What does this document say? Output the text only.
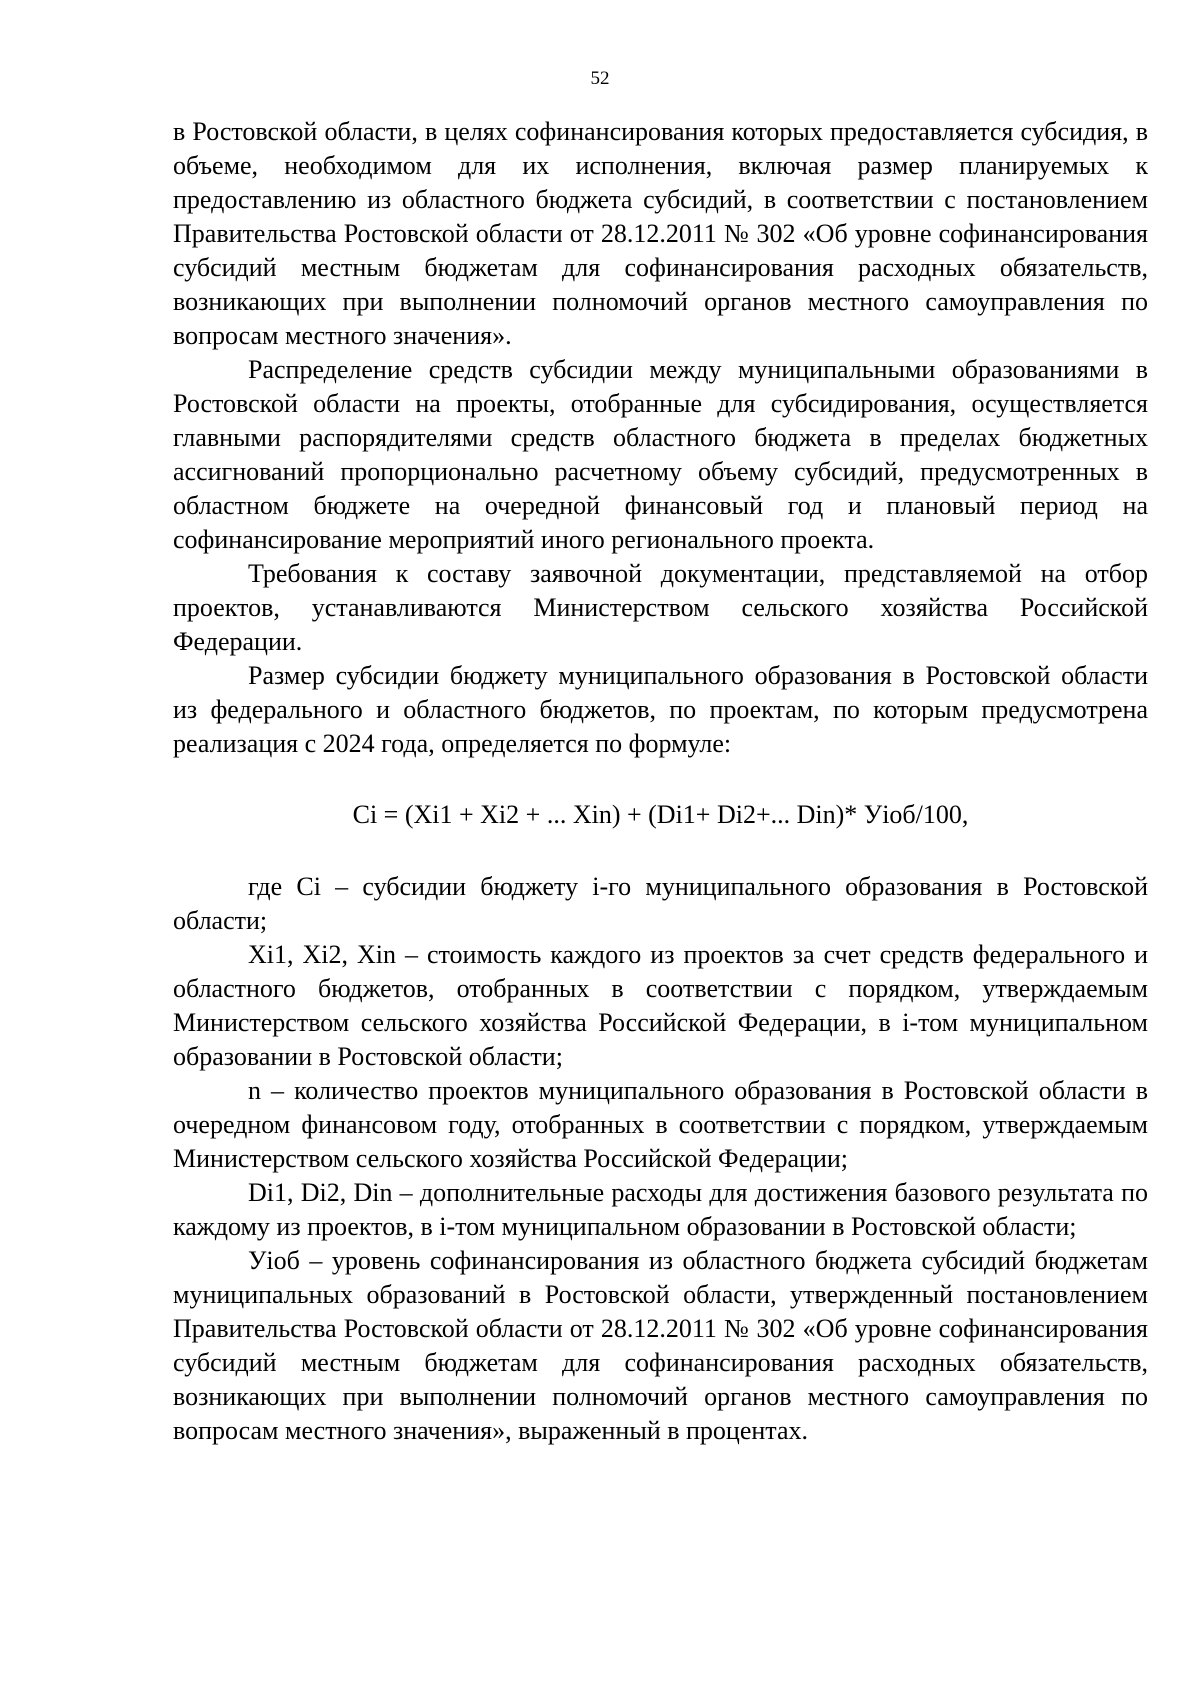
52

в Ростовской области, в целях софинансирования которых предоставляется субсидия, в объеме, необходимом для их исполнения, включая размер планируемых к предоставлению из областного бюджета субсидий, в соответствии с постановлением Правительства Ростовской области от 28.12.2011 № 302 «Об уровне софинансирования субсидий местным бюджетам для софинансирования расходных обязательств, возникающих при выполнении полномочий органов местного самоуправления по вопросам местного значения».

Распределение средств субсидии между муниципальными образованиями в Ростовской области на проекты, отобранные для субсидирования, осуществляется главными распорядителями средств областного бюджета в пределах бюджетных ассигнований пропорционально расчетному объему субсидий, предусмотренных в областном бюджете на очередной финансовый год и плановый период на софинансирование мероприятий иного регионального проекта.

Требования к составу заявочной документации, представляемой на отбор проектов, устанавливаются Министерством сельского хозяйства Российской Федерации.

Размер субсидии бюджету муниципального образования в Ростовской области из федерального и областного бюджетов, по проектам, по которым предусмотрена реализация с 2024 года, определяется по формуле:

Ci = (Xi1 + Xi2 + ... Xin) + (Di1+ Di2+... Din)* Уioб/100,

где Ci – субсидии бюджету i-го муниципального образования в Ростовской области;

Xi1, Xi2, Xin – стоимость каждого из проектов за счет средств федерального и областного бюджетов, отобранных в соответствии с порядком, утверждаемым Министерством сельского хозяйства Российской Федерации, в i-том муниципальном образовании в Ростовской области;

n – количество проектов муниципального образования в Ростовской области в очередном финансовом году, отобранных в соответствии с порядком, утверждаемым Министерством сельского хозяйства Российской Федерации;

Di1, Di2, Din – дополнительные расходы для достижения базового результата по каждому из проектов, в i-том муниципальном образовании в Ростовской области;

Уioб – уровень софинансирования из областного бюджета субсидий бюджетам муниципальных образований в Ростовской области, утвержденный постановлением Правительства Ростовской области от 28.12.2011 № 302 «Об уровне софинансирования субсидий местным бюджетам для софинансирования расходных обязательств, возникающих при выполнении полномочий органов местного самоуправления по вопросам местного значения», выраженный в процентах.
